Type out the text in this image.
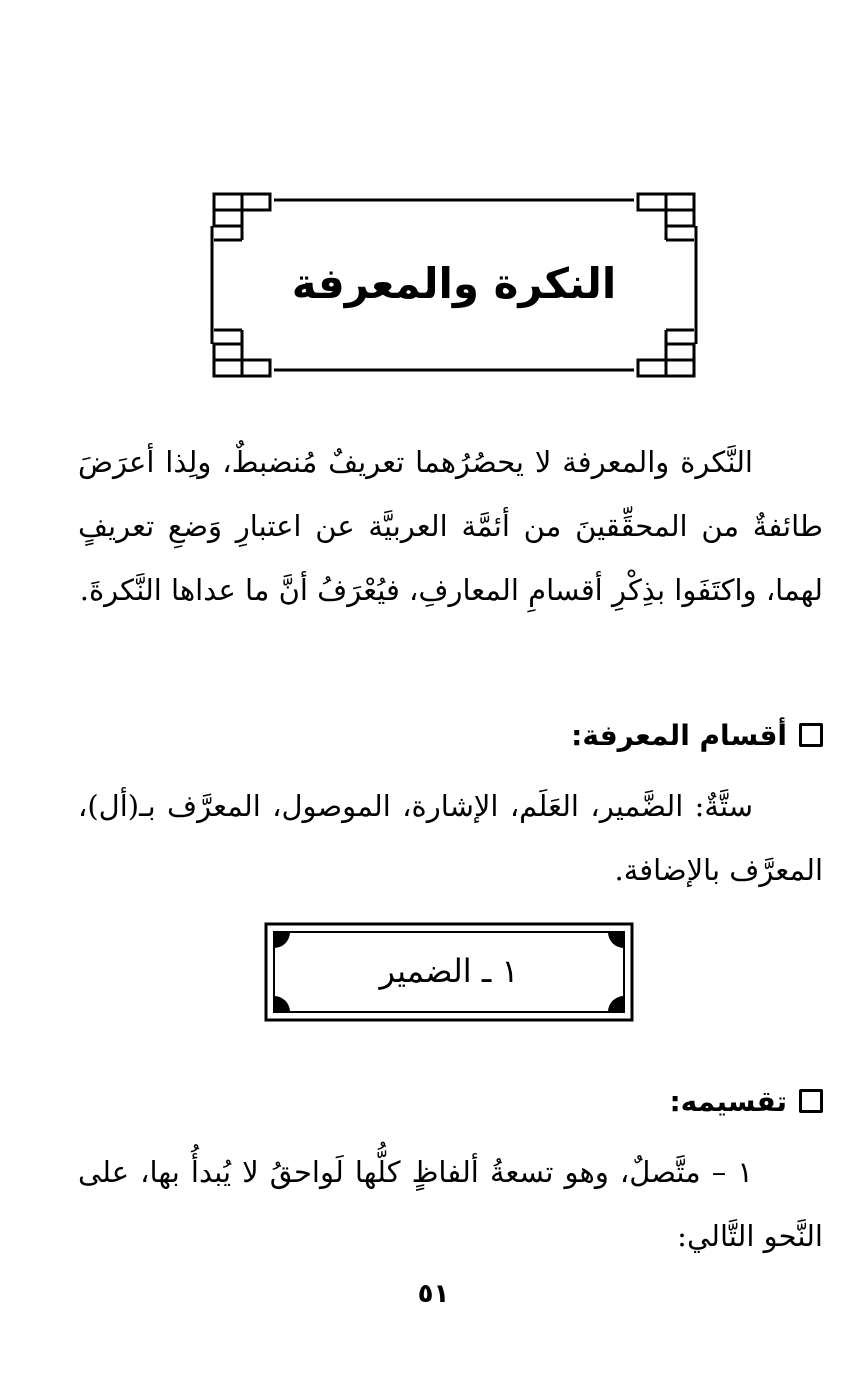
النكرة والمعرفة
النَّكرة والمعرفة لا يحصُرُهما تعريفٌ مُنضبطٌ، ولِذا أعرَضَ طائفةٌ من المحقِّقينَ من أئمَّة العربيَّة عن اعتبارِ وَضعِ تعريفٍ لهما، واكتَفَوا بذِكْرِ أقسامِ المعارفِ، فيُعْرَفُ أنَّ ما عداها النَّكرةَ.
أقسام المعرفة:
ستَّةٌ: الضَّمير، العَلَم، الإشارة، الموصول، المعرَّف بـ(أل)، المعرَّف بالإضافة.
١ ـ الضمير
تقسيمه:
١ – متَّصلٌ، وهو تسعةُ ألفاظٍ كلُّها لَواحقُ لا يُبدأُ بها، على النَّحو التَّالي:
٥١
